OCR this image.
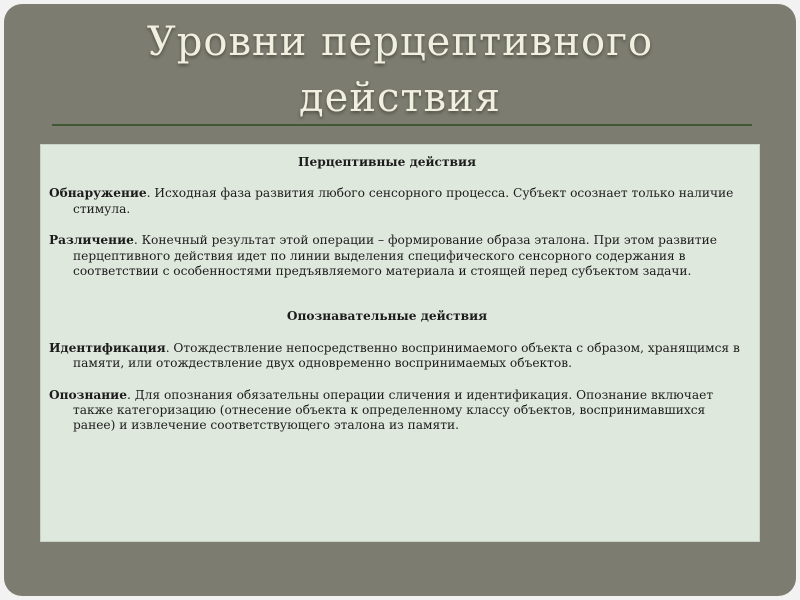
Уровни перцептивного
действия

Перцептивные действия

Обнаружение. Исходная фаза развития любого сенсорного процесса. Субъект осознает только наличие стимула.

Различение. Конечный результат этой операции – формирование образа эталона. При этом развитие перцептивного действия идет по линии выделения специфического сенсорного содержания в соответствии с особенностями предъявляемого материала и стоящей перед субъектом задачи.

Опознавательные действия

Идентификация. Отождествление непосредственно воспринимаемого объекта с образом, хранящимся в памяти, или отождествление двух одновременно воспринимаемых объектов.

Опознание. Для опознания обязательны операции сличения и идентификация. Опознание включает также категоризацию (отнесение объекта к определенному классу объектов, воспринимавшихся ранее) и извлечение соответствующего эталона из памяти.
